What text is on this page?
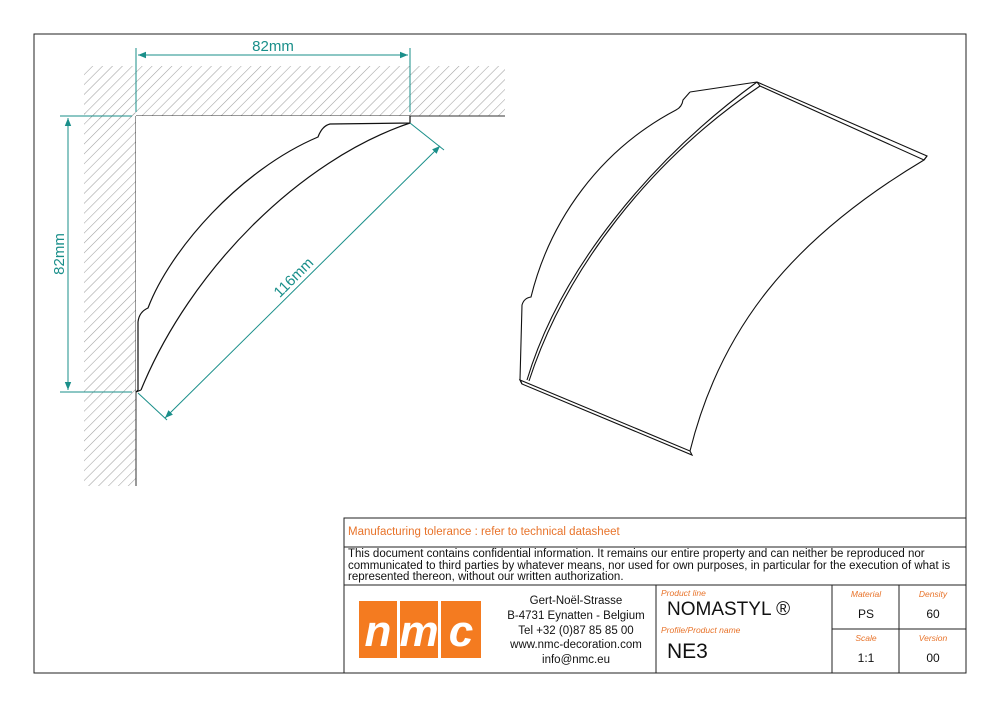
82mm
82mm
116mm
n m c
Manufacturing tolerance : refer to technical datasheet
This document contains confidential information. It remains our entire property and can neither be reproduced nor communicated to third parties by whatever means, nor used for own purposes, in particular for the execution of what is represented thereon, without our written authorization.
Gert-Noël-Strasse
B-4731 Eynatten - Belgium
Tel +32 (0)87 85 85 00
www.nmc-decoration.com
info@nmc.eu
Product line
NOMASTYL ®
Profile/Product name
NE3
Material
PS
Density
60
Scale
1:1
Version
00
